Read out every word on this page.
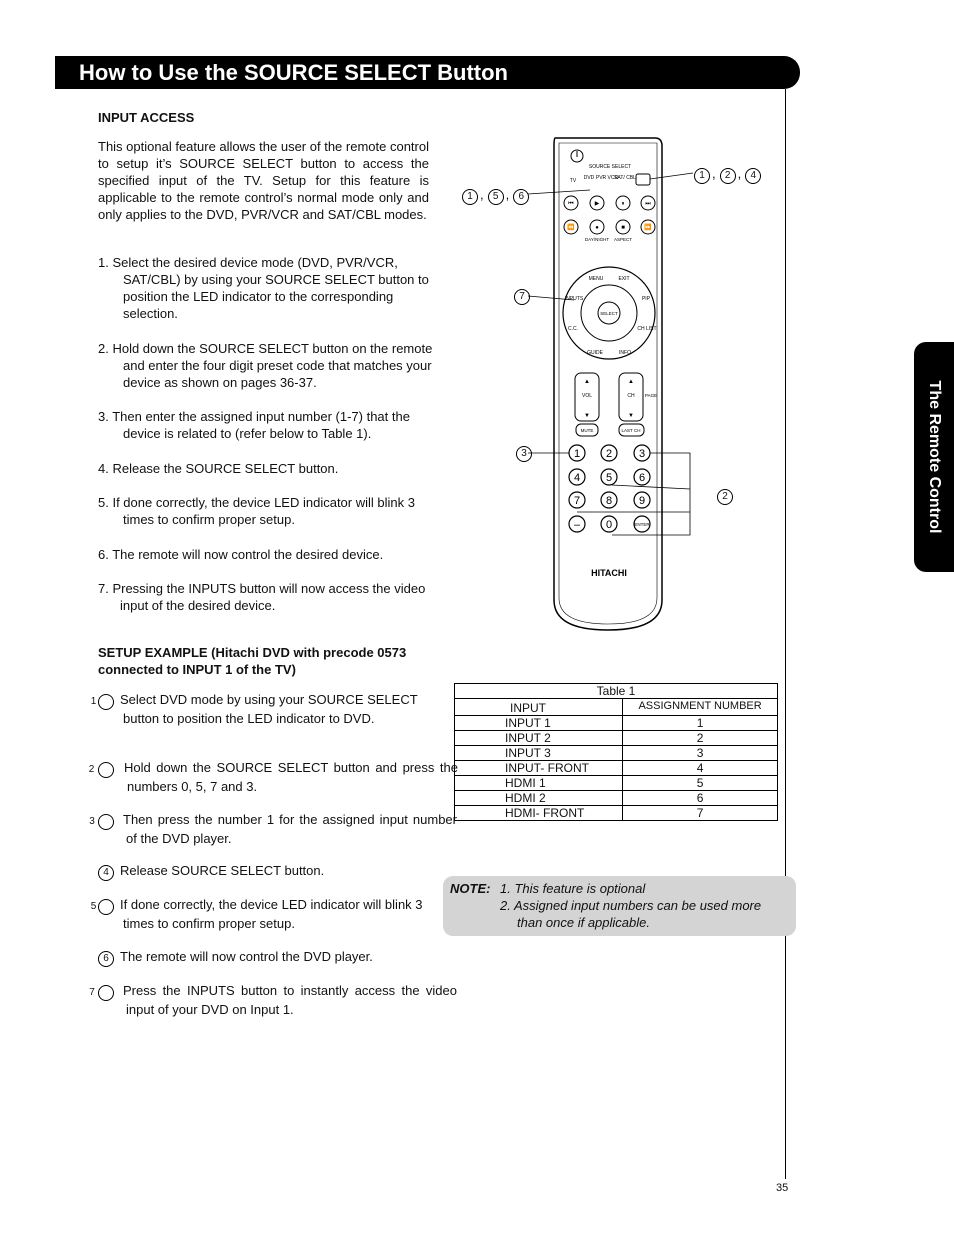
How to Use the SOURCE SELECT Button
The Remote Control
INPUT ACCESS
This optional feature allows the user of the remote control to setup it’s SOURCE SELECT button to access the specified input of the TV. Setup for this feature is applicable to the remote control’s normal mode only and only applies to the DVD, PVR/VCR and SAT/CBL modes.
1. Select the desired device mode (DVD, PVR/VCR, SAT/CBL) by using your SOURCE SELECT button to position the LED indicator to the corresponding selection.
2. Hold down the SOURCE SELECT button on the remote and enter the four digit preset code that matches your device as shown on pages 36-37.
3. Then enter the assigned input number (1-7) that the device is related to (refer below to Table 1).
4. Release the SOURCE SELECT button.
5. If done correctly, the device LED indicator will blink 3 times to confirm proper setup.
6. The remote will now control the desired device.
7. Pressing the INPUTS button will now access the video input of the desired device.
SETUP EXAMPLE (Hitachi DVD with precode 0573 connected to INPUT 1 of the TV)
1 Select DVD mode by using your SOURCE SELECT button to position the LED indicator to DVD.
2 Hold down the SOURCE SELECT button and press the numbers 0, 5, 7 and 3.
3 Then press the number 1 for the assigned input number of the DVD player.
4 Release SOURCE SELECT button.
5 If done correctly, the device LED indicator will blink 3 times to confirm proper setup.
6 The remote will now control the DVD player.
7 Press the INPUTS button to instantly access the video input of your DVD on Input 1.
SOURCE SELECT
TV DVD PVR VCR
SAT/ CBL
⏮	▶	⏸	⏭
⏪	●	■	⏩
DAY/NIGHT ASPECT
SELECT
MENU	EXIT
INPUTS	PIP
C.C.	CH LIST
GUIDE	INFO
▲
▼
▲
▼
VOL	CH PAGE
MUTE	LAST CH
1 2 3
4 5 6
7 8 9
– 0	ENTER
HITACHI
1 , 2 , 4
1 , 5 , 6
7
3
2
Table 1	
INPUT	ASSIGNMENT NUMBER
INPUT 1	1
INPUT 2	2
INPUT 3	3
INPUT- FRONT	4
HDMI 1	5
HDMI 2	6
HDMI- FRONT	7
NOTE: 1. This feature is optional
2. Assigned input numbers can be used more
than once if applicable.
35
